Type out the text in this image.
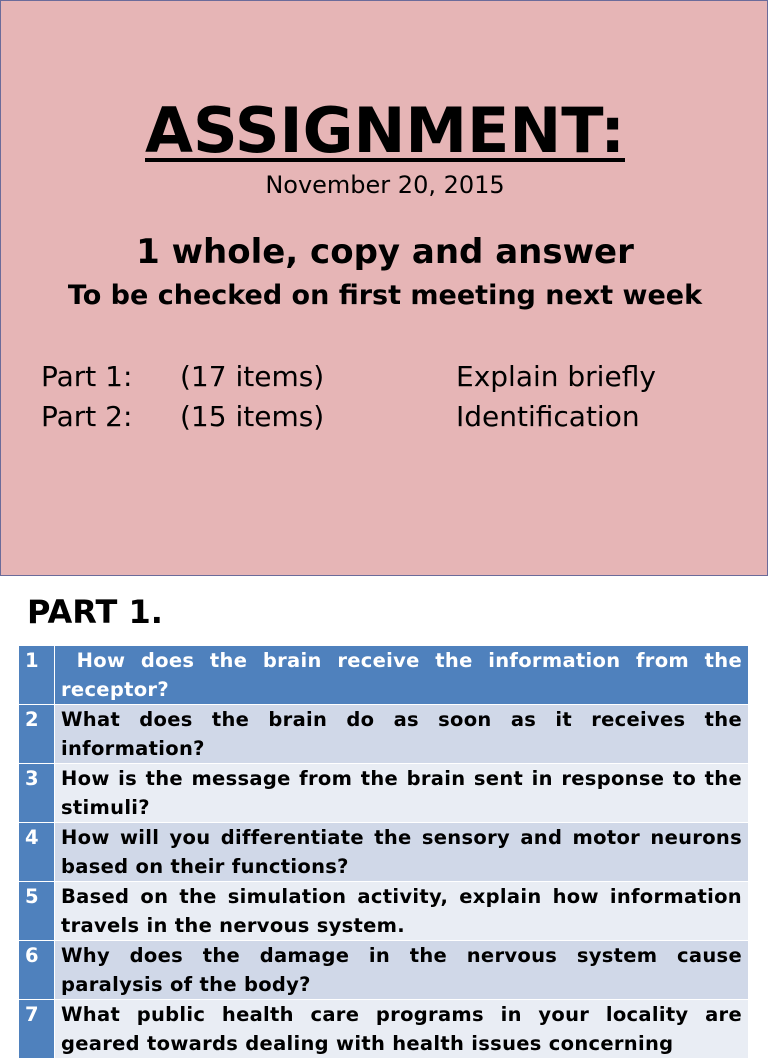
ASSIGNMENT:
November 20, 2015
1 whole, copy and answer
To be checked on first meeting next week
Part 1: (17 items)	Explain briefly
Part 2: (15 items)	Identification
PART 1.
1	How does the brain receive the information from the receptor?
2	What does the brain do as soon as it receives the information?
3	How is the message from the brain sent in response to the stimuli?
4	How will you differentiate the sensory and motor neurons based on their functions?
5	Based on the simulation activity, explain how information travels in the nervous system.
6	Why does the damage in the nervous system cause paralysis of the body?
7	What public health care programs in your locality are geared towards dealing with health issues concerning
